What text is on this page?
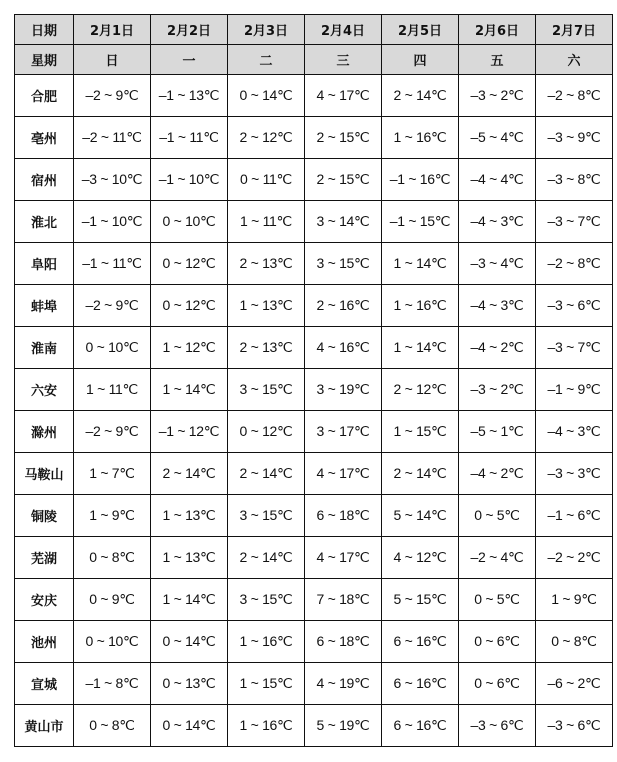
日期	2月1日	2月2日	2月3日	2月4日	2月5日	2月6日	2月7日
星期	日	一	二	三	四	五	六
合肥	–2 ~ 9℃	–1 ~ 13℃	0 ~ 14℃	4 ~ 17℃	2 ~ 14℃	–3 ~ 2℃	–2 ~ 8℃
亳州	–2 ~ 11℃	–1 ~ 11℃	2 ~ 12℃	2 ~ 15℃	1 ~ 16℃	–5 ~ 4℃	–3 ~ 9℃
宿州	–3 ~ 10℃	–1 ~ 10℃	0 ~ 11℃	2 ~ 15℃	–1 ~ 16℃	–4 ~ 4℃	–3 ~ 8℃
淮北	–1 ~ 10℃	0 ~ 10℃	1 ~ 11℃	3 ~ 14℃	–1 ~ 15℃	–4 ~ 3℃	–3 ~ 7℃
阜阳	–1 ~ 11℃	0 ~ 12℃	2 ~ 13℃	3 ~ 15℃	1 ~ 14℃	–3 ~ 4℃	–2 ~ 8℃
蚌埠	–2 ~ 9℃	0 ~ 12℃	1 ~ 13℃	2 ~ 16℃	1 ~ 16℃	–4 ~ 3℃	–3 ~ 6℃
淮南	0 ~ 10℃	1 ~ 12℃	2 ~ 13℃	4 ~ 16℃	1 ~ 14℃	–4 ~ 2℃	–3 ~ 7℃
六安	1 ~ 11℃	1 ~ 14℃	3 ~ 15℃	3 ~ 19℃	2 ~ 12℃	–3 ~ 2℃	–1 ~ 9℃
滁州	–2 ~ 9℃	–1 ~ 12℃	0 ~ 12℃	3 ~ 17℃	1 ~ 15℃	–5 ~ 1℃	–4 ~ 3℃
马鞍山	1 ~ 7℃	2 ~ 14℃	2 ~ 14℃	4 ~ 17℃	2 ~ 14℃	–4 ~ 2℃	–3 ~ 3℃
铜陵	1 ~ 9℃	1 ~ 13℃	3 ~ 15℃	6 ~ 18℃	5 ~ 14℃	0 ~ 5℃	–1 ~ 6℃
芜湖	0 ~ 8℃	1 ~ 13℃	2 ~ 14℃	4 ~ 17℃	4 ~ 12℃	–2 ~ 4℃	–2 ~ 2℃
安庆	0 ~ 9℃	1 ~ 14℃	3 ~ 15℃	7 ~ 18℃	5 ~ 15℃	0 ~ 5℃	1 ~ 9℃
池州	0 ~ 10℃	0 ~ 14℃	1 ~ 16℃	6 ~ 18℃	6 ~ 16℃	0 ~ 6℃	0 ~ 8℃
宣城	–1 ~ 8℃	0 ~ 13℃	1 ~ 15℃	4 ~ 19℃	6 ~ 16℃	0 ~ 6℃	–6 ~ 2℃
黄山市	0 ~ 8℃	0 ~ 14℃	1 ~ 16℃	5 ~ 19℃	6 ~ 16℃	–3 ~ 6℃	–3 ~ 6℃
